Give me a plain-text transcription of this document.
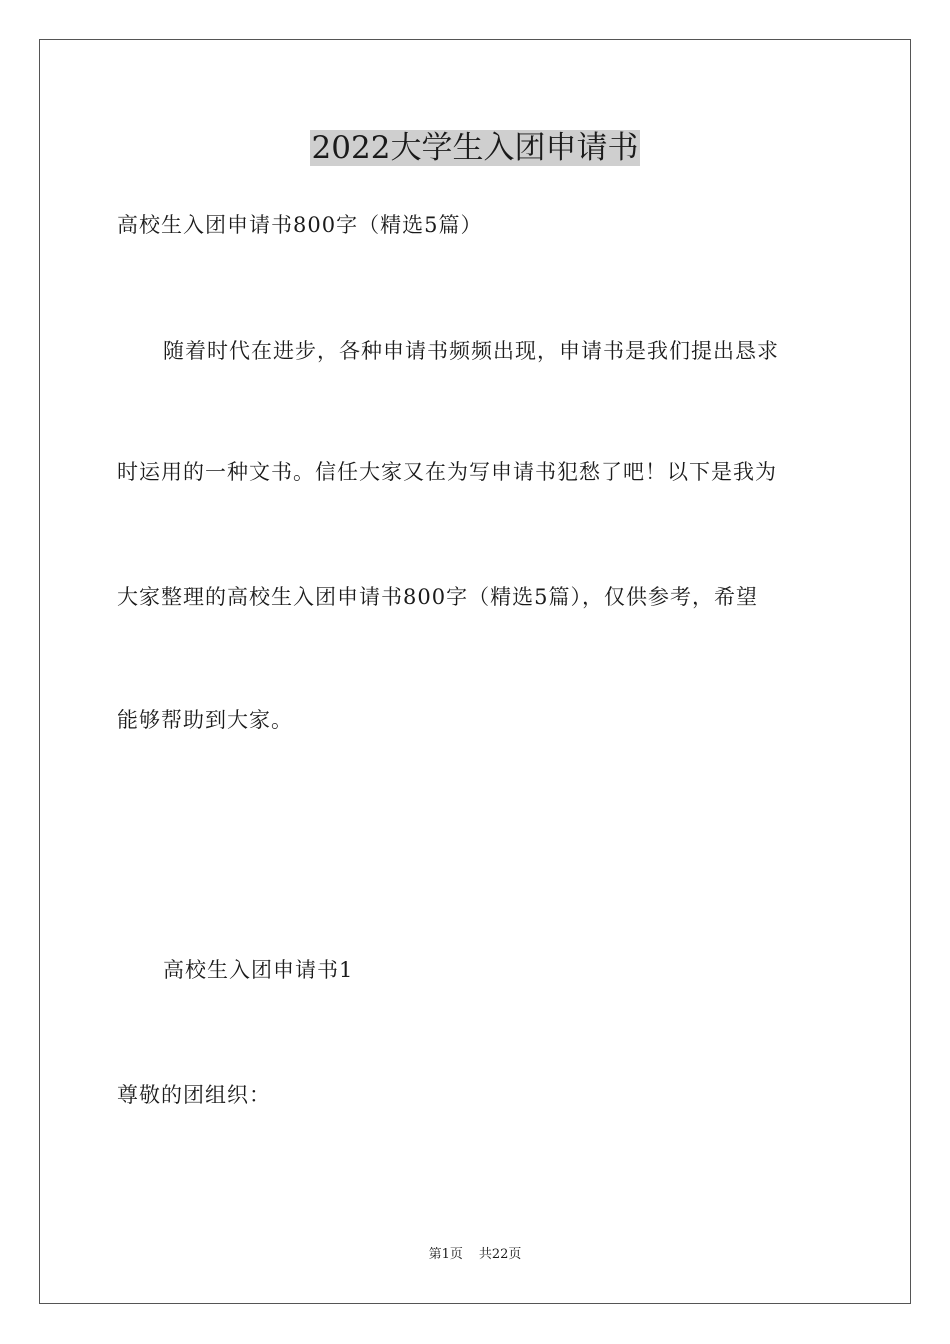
2022大学生入团申请书
高校生入团申请书800字（精选5篇）
随着时代在进步，各种申请书频频出现，申请书是我们提出恳求
时运用的一种文书。信任大家又在为写申请书犯愁了吧！以下是我为
大家整理的高校生入团申请书800字（精选5篇），仅供参考，希望
能够帮助到大家。
高校生入团申请书1
尊敬的团组织：
第1页 共22页
